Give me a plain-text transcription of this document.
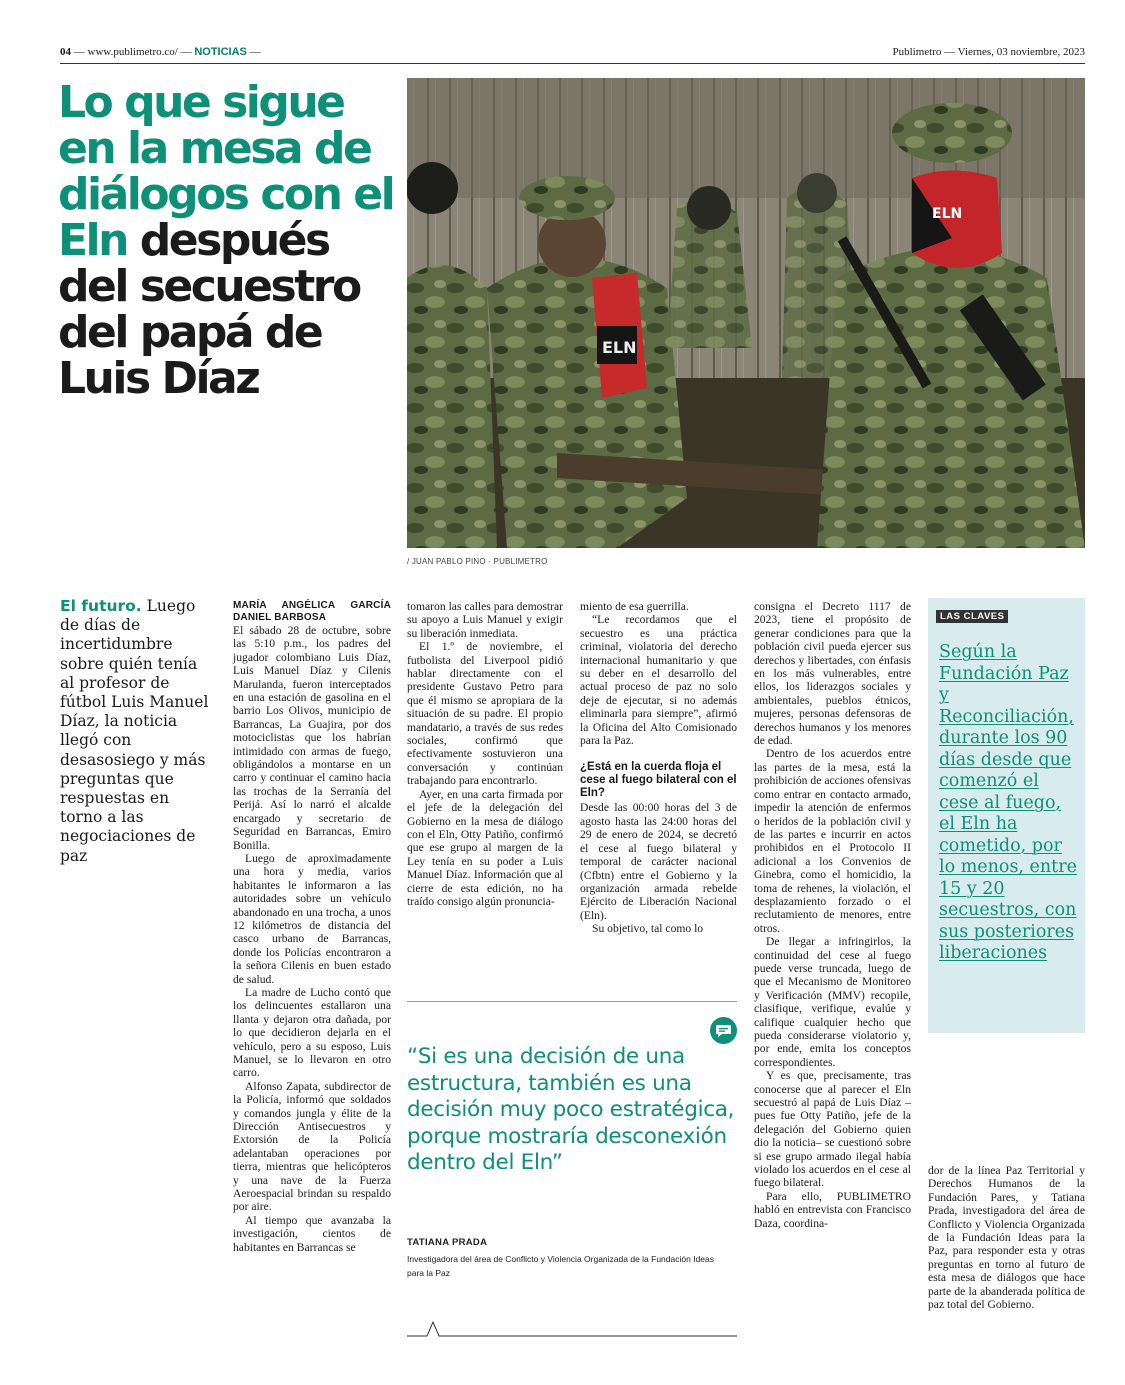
04 — www.publimetro.co/ — NOTICIAS —	Publimetro — Viernes, 03 noviembre, 2023
Lo que sigue en la mesa de diálogos con el Eln después del secuestro del papá de Luis Díaz
ELN
ELN
/ JUAN PABLO PINO · PUBLIMETRO
El futuro. Luego de días de incertidumbre sobre quién tenía al profesor de fútbol Luis Manuel Díaz, la noticia llegó con desasosiego y más preguntas que respuestas en torno a las negociaciones de paz
MARÍA ANGÉLICA GARCÍA DANIEL BARBOSA

El sábado 28 de octubre, sobre las 5:10 p.m., los padres del jugador colombiano Luis Díaz, Luis Manuel Díaz y Cilenis Marulanda, fueron interceptados en una estación de gasolina en el barrio Los Olivos, municipio de Barrancas, La Guajira, por dos motociclistas que los habrían intimidado con armas de fuego, obligándolos a montarse en un carro y continuar el camino hacia las trochas de la Serranía del Perijá. Así lo narró el alcalde encargado y secretario de Seguridad en Barrancas, Emiro Bonilla.

Luego de aproximadamente una hora y media, varios habitantes le informaron a las autoridades sobre un vehículo abandonado en una trocha, a unos 12 kilómetros de distancia del casco urbano de Barrancas, donde los Policías encontraron a la señora Cilenis en buen estado de salud.

La madre de Lucho contó que los delincuentes estallaron una llanta y dejaron otra dañada, por lo que decidieron dejarla en el vehículo, pero a su esposo, Luis Manuel, se lo llevaron en otro carro.

Alfonso Zapata, subdirector de la Policía, informó que soldados y comandos jungla y élite de la Dirección Antisecuestros y Extorsión de la Policía adelantaban operaciones por tierra, mientras que helicópteros y una nave de la Fuerza Aeroespacial brindan su respaldo por aire.

Al tiempo que avanzaba la investigación, cientos de habitantes en Barrancas se

tomaron las calles para demostrar su apoyo a Luis Manuel y exigir su liberación inmediata.

El 1.º de noviembre, el futbolista del Liverpool pidió hablar directamente con el presidente Gustavo Petro para que él mismo se apropiara de la situación de su padre. El propio mandatario, a través de sus redes sociales, confirmó que efectivamente sostuvieron una conversación y continúan trabajando para encontrarlo.

Ayer, en una carta firmada por el jefe de la delegación del Gobierno en la mesa de diálogo con el Eln, Otty Patiño, confirmó que ese grupo al margen de la Ley tenía en su poder a Luis Manuel Díaz. Información que al cierre de esta edición, no ha traído consigo algún pronuncia-

miento de esa guerrilla.

“Le recordamos que el secuestro es una práctica criminal, violatoria del derecho internacional humanitario y que su deber en el desarrollo del actual proceso de paz no solo deje de ejecutar, si no además eliminarla para siempre”, afirmó la Oficina del Alto Comisionado para la Paz.

¿Está en la cuerda floja el cese al fuego bilateral con el Eln?

Desde las 00:00 horas del 3 de agosto hasta las 24:00 horas del 29 de enero de 2024, se decretó el cese al fuego bilateral y temporal de carácter nacional (Cfbtn) entre el Gobierno y la organización armada rebelde Ejército de Liberación Nacional (Eln).

Su objetivo, tal como lo

“Si es una decisión de una estructura, también es una decisión muy poco estratégica, porque mostraría desconexión dentro del Eln”
TATIANA PRADA
Investigadora del área de Conflicto y Violencia Organizada de la Fundación Ideas para la Paz

consigna el Decreto 1117 de 2023, tiene el propósito de generar condiciones para que la población civil pueda ejercer sus derechos y libertades, con énfasis en los más vulnerables, entre ellos, los liderazgos sociales y ambientales, pueblos étnicos, mujeres, personas defensoras de derechos humanos y los menores de edad.

Dentro de los acuerdos entre las partes de la mesa, está la prohibición de acciones ofensivas como entrar en contacto armado, impedir la atención de enfermos o heridos de la población civil y de las partes e incurrir en actos prohibidos en el Protocolo II adicional a los Convenios de Ginebra, como el homicidio, la toma de rehenes, la violación, el desplazamiento forzado o el reclutamiento de menores, entre otros.

De llegar a infringirlos, la continuidad del cese al fuego puede verse truncada, luego de que el Mecanismo de Monitoreo y Verificación (MMV) recopile, clasifique, verifique, evalúe y califique cualquier hecho que pueda considerarse violatorio y, por ende, emita los conceptos correspondientes.

Y es que, precisamente, tras conocerse que al parecer el Eln secuestró al papá de Luis Díaz –pues fue Otty Patiño, jefe de la delegación del Gobierno quien dio la noticia– se cuestionó sobre si ese grupo armado ilegal había violado los acuerdos en el cese al fuego bilateral.

Para ello, PUBLIMETRO habló en entrevista con Francisco Daza, coordina-

LAS CLAVES
Según la Fundación Paz y Reconciliación, durante los 90 días desde que comenzó el cese al fuego, el Eln ha cometido, por lo menos, entre 15 y 20 secuestros, con sus posteriores liberaciones

dor de la línea Paz Territorial y Derechos Humanos de la Fundación Pares, y Tatiana Prada, investigadora del área de Conflicto y Violencia Organizada de la Fundación Ideas para la Paz, para responder esta y otras preguntas en torno al futuro de esta mesa de diálogos que hace parte de la abanderada política de paz total del Gobierno.
